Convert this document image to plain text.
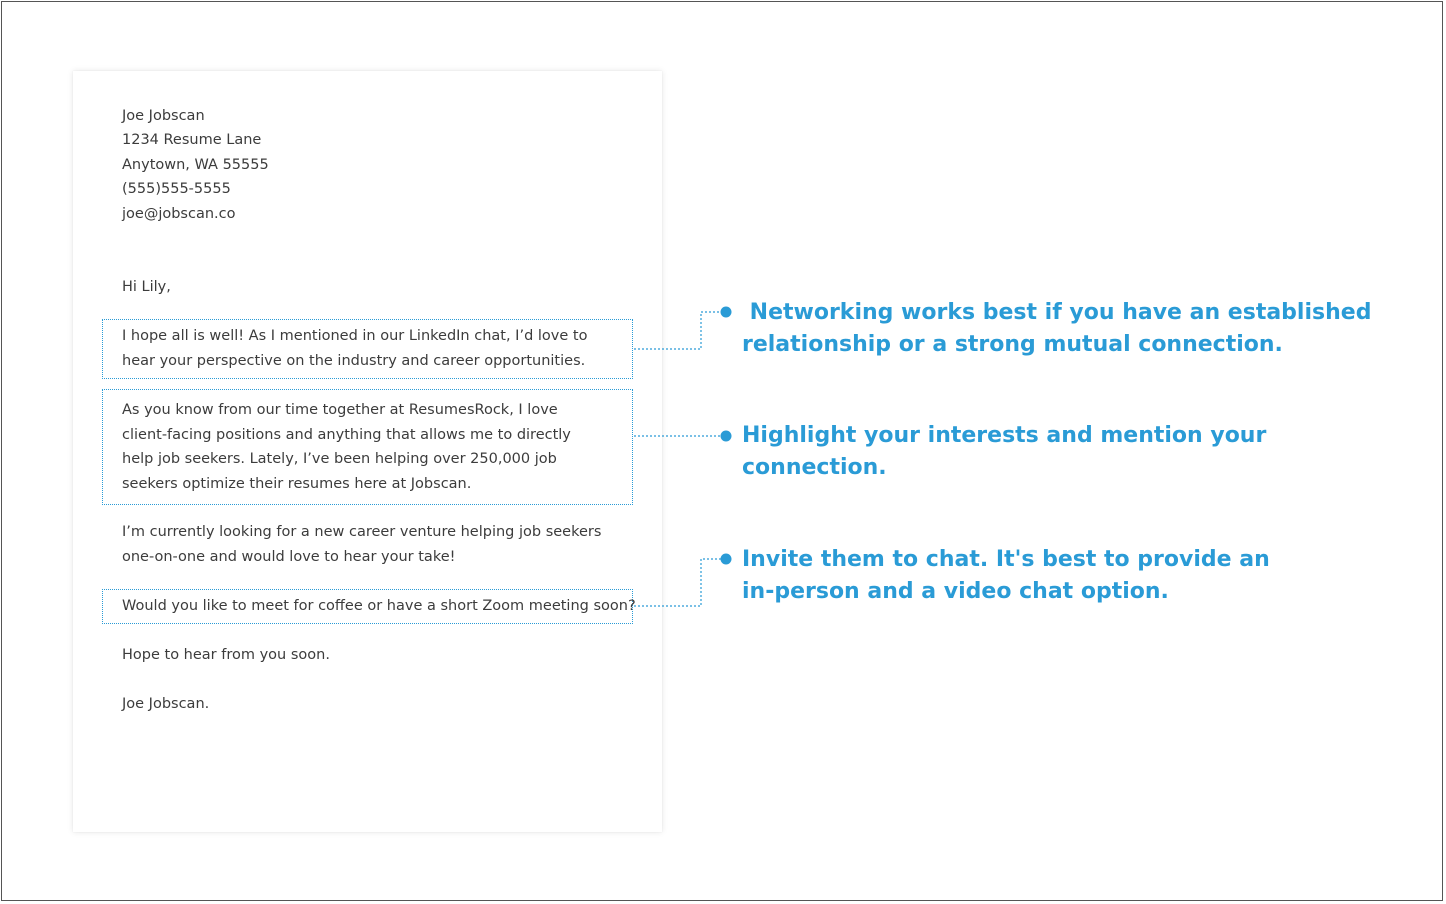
Joe Jobscan

1234 Resume Lane

Anytown, WA 55555

(555)555-5555

joe@jobscan.co

Hi Lily,

I hope all is well! As I mentioned in our LinkedIn chat, I’d love to hear your perspective on the industry and career opportunities.

As you know from our time together at ResumesRock, I love client-facing positions and anything that allows me to directly help job seekers. Lately, I’ve been helping over 250,000 job seekers optimize their resumes here at Jobscan.

I’m currently looking for a new career venture helping job seekers one-on-one and would love to hear your take!

Would you like to meet for coffee or have a short Zoom meeting soon?

Hope to hear from you soon.

Joe Jobscan.

Networking works best if you have an established relationship or a strong mutual connection.

Highlight your interests and mention your connection.

Invite them to chat. It's best to provide an in-person and a video chat option.
